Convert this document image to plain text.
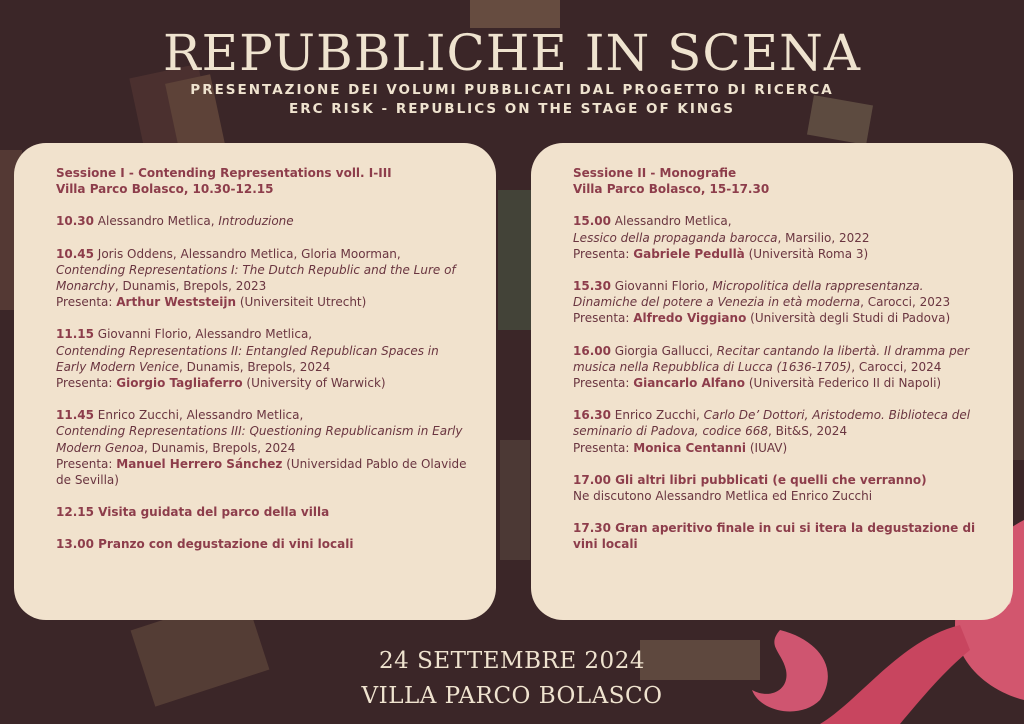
REPUBBLICHE IN SCENA
PRESENTAZIONE DEI VOLUMI PUBBLICATI DAL PROGETTO DI RICERCA
ERC RISK - REPUBLICS ON THE STAGE OF KINGS
Sessione I - Contending Representations voll. I-III
Villa Parco Bolasco, 10.30-12.15
10.30 Alessandro Metlica, Introduzione
10.45 Joris Oddens, Alessandro Metlica, Gloria Moorman,
Contending Representations I: The Dutch Republic and the Lure of Monarchy, Dunamis, Brepols, 2023
Presenta: Arthur Weststeijn (Universiteit Utrecht)
11.15 Giovanni Florio, Alessandro Metlica,
Contending Representations II: Entangled Republican Spaces in Early Modern Venice, Dunamis, Brepols, 2024
Presenta: Giorgio Tagliaferro (University of Warwick)
11.45 Enrico Zucchi, Alessandro Metlica,
Contending Representations III: Questioning Republicanism in Early Modern Genoa, Dunamis, Brepols, 2024
Presenta: Manuel Herrero Sánchez (Universidad Pablo de Olavide de Sevilla)
12.15 Visita guidata del parco della villa
13.00 Pranzo con degustazione di vini locali
Sessione II - Monografie
Villa Parco Bolasco, 15-17.30
15.00 Alessandro Metlica,
Lessico della propaganda barocca, Marsilio, 2022
Presenta: Gabriele Pedullà (Università Roma 3)
15.30 Giovanni Florio, Micropolitica della rappresentanza. Dinamiche del potere a Venezia in età moderna, Carocci, 2023
Presenta: Alfredo Viggiano (Università degli Studi di Padova)
16.00 Giorgia Gallucci, Recitar cantando la libertà. Il dramma per musica nella Repubblica di Lucca (1636-1705), Carocci, 2024
Presenta: Giancarlo Alfano (Università Federico II di Napoli)
16.30 Enrico Zucchi, Carlo De’ Dottori, Aristodemo. Biblioteca del seminario di Padova, codice 668, Bit&S, 2024
Presenta: Monica Centanni (IUAV)
17.00 Gli altri libri pubblicati (e quelli che verranno)
Ne discutono Alessandro Metlica ed Enrico Zucchi
17.30 Gran aperitivo finale in cui si itera la degustazione di vini locali
24 SETTEMBRE 2024
VILLA PARCO BOLASCO
